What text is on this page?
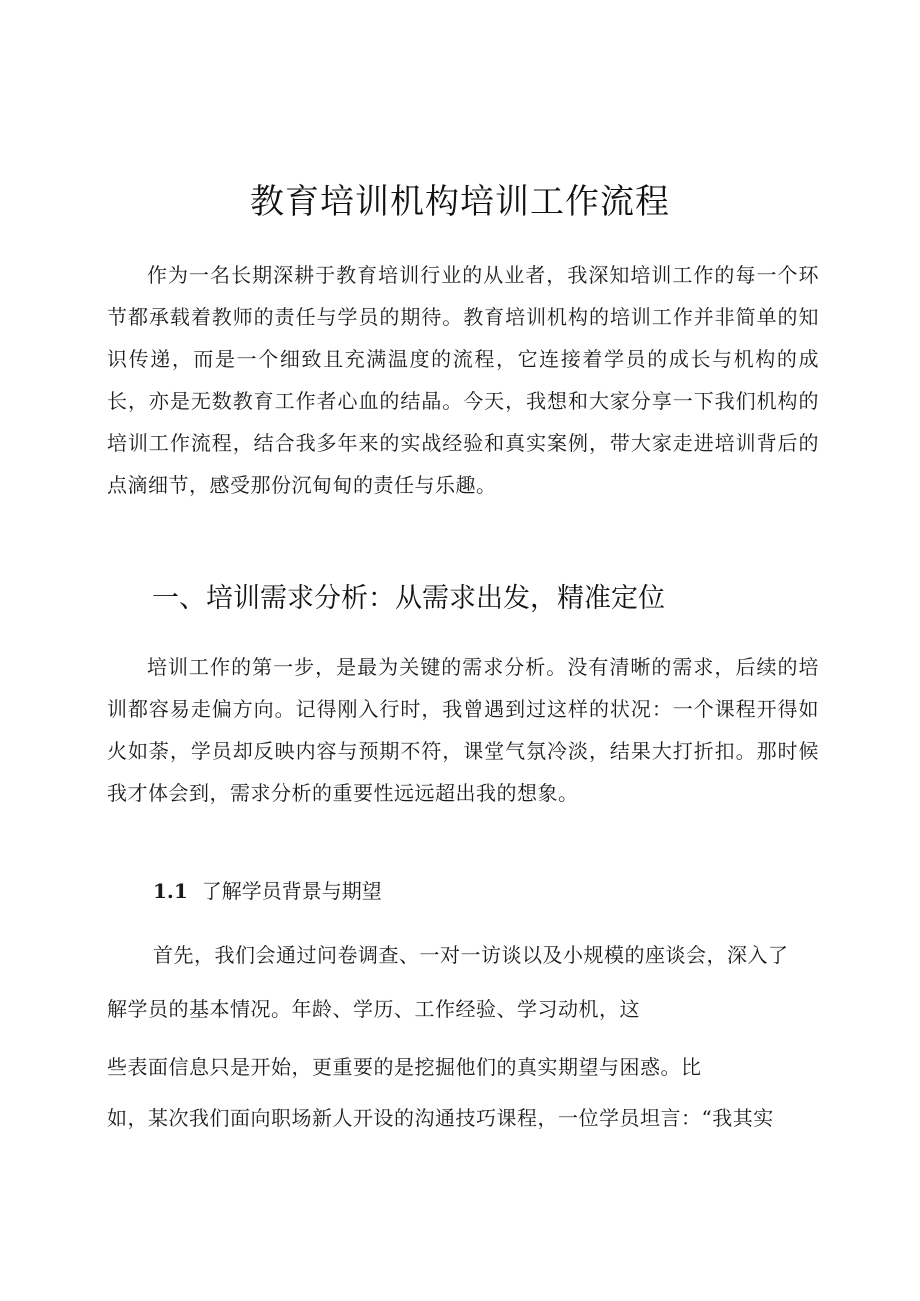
教育培训机构培训工作流程

作为一名长期深耕于教育培训行业的从业者，我深知培训工作的每一个环节都承载着教师的责任与学员的期待。教育培训机构的培训工作并非简单的知识传递，而是一个细致且充满温度的流程，它连接着学员的成长与机构的成长，亦是无数教育工作者心血的结晶。今天，我想和大家分享一下我们机构的培训工作流程，结合我多年来的实战经验和真实案例，带大家走进培训背后的点滴细节，感受那份沉甸甸的责任与乐趣。

一、培训需求分析：从需求出发，精准定位

培训工作的第一步，是最为关键的需求分析。没有清晰的需求，后续的培训都容易走偏方向。记得刚入行时，我曾遇到过这样的状况：一个课程开得如火如荼，学员却反映内容与预期不符，课堂气氛冷淡，结果大打折扣。那时候我才体会到，需求分析的重要性远远超出我的想象。

1.1 了解学员背景与期望

首先，我们会通过问卷调查、一对一访谈以及小规模的座谈会，深入了

解学员的基本情况。年龄、学历、工作经验、学习动机，这

些表面信息只是开始，更重要的是挖掘他们的真实期望与困惑。比

如，某次我们面向职场新人开设的沟通技巧课程，一位学员坦言：“我其实
